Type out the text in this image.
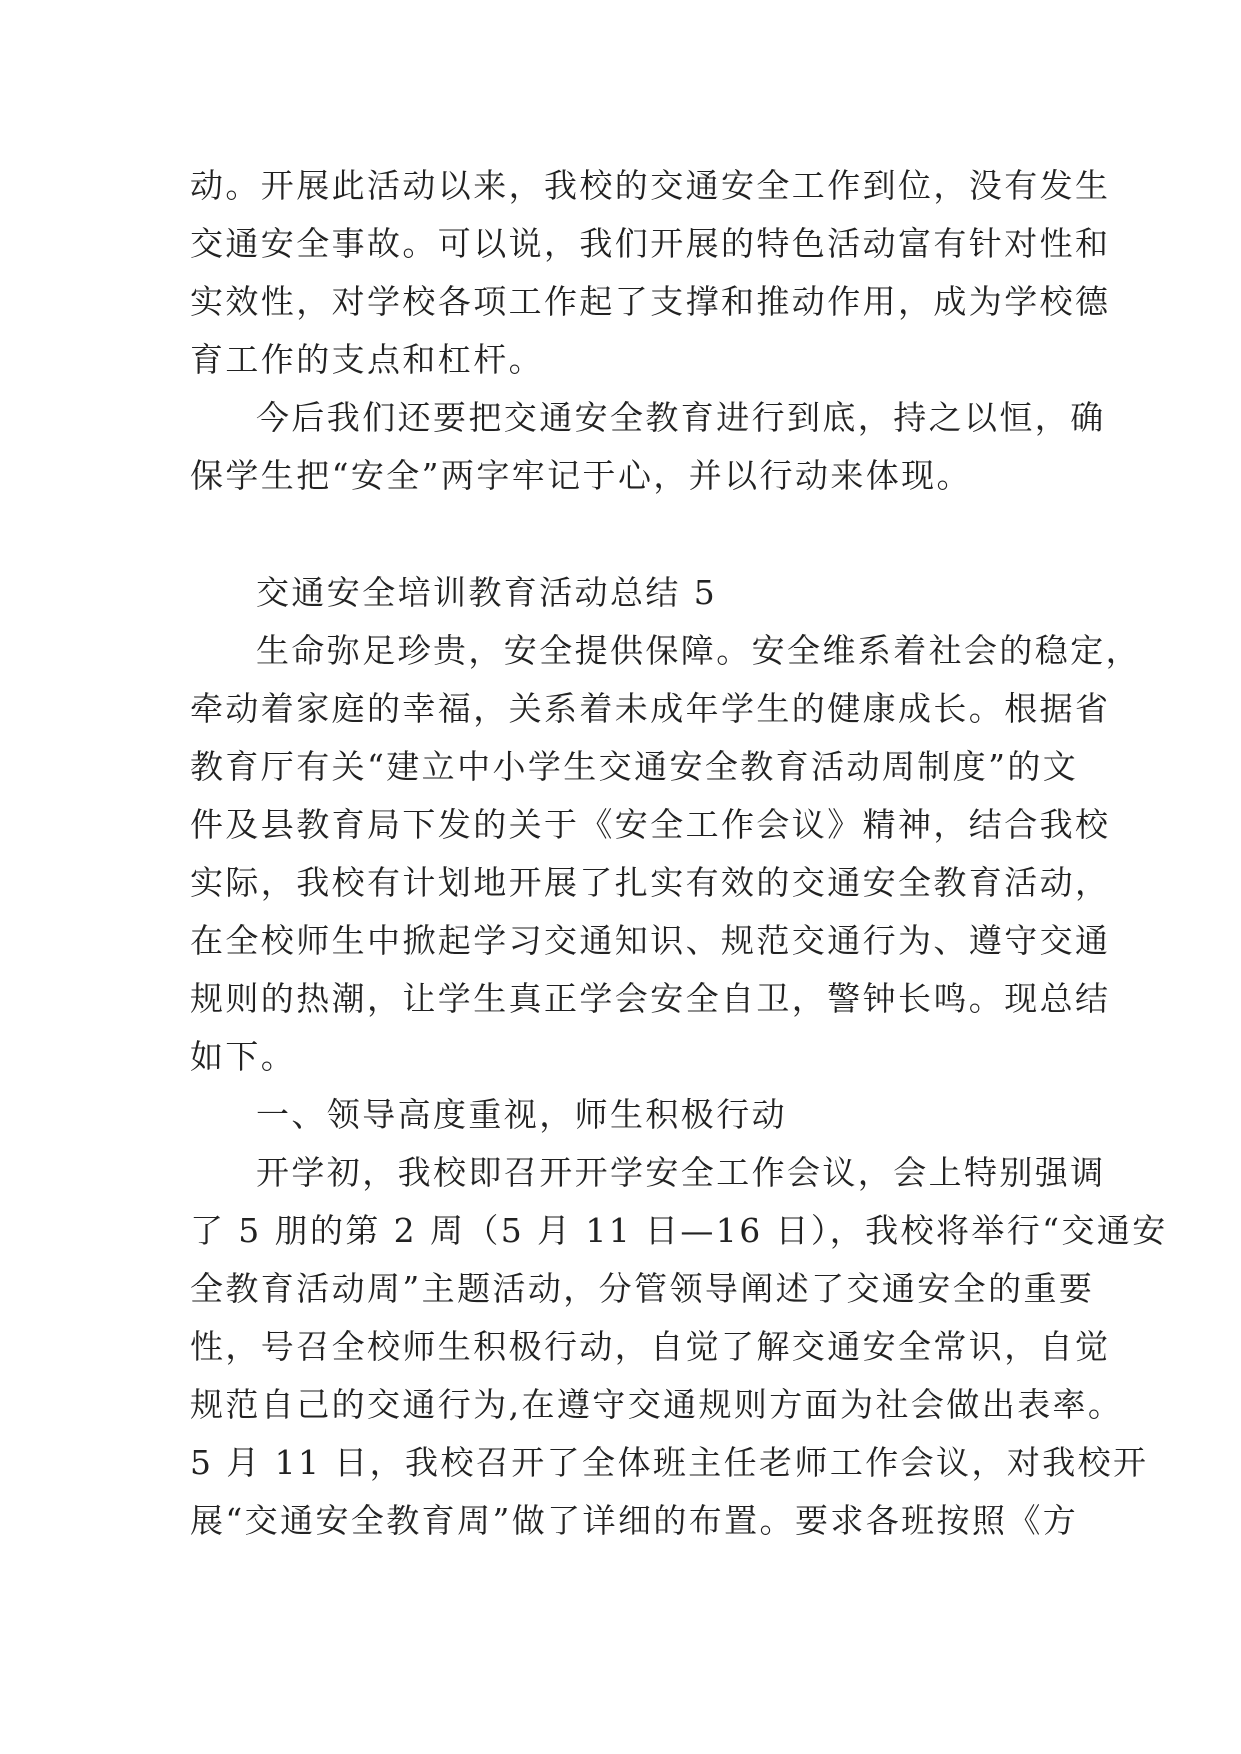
动。开展此活动以来，我校的交通安全工作到位，没有发生
交通安全事故。可以说，我们开展的特色活动富有针对性和
实效性，对学校各项工作起了支撑和推动作用，成为学校德
育工作的支点和杠杆。
今后我们还要把交通安全教育进行到底，持之以恒，确
保学生把“安全”两字牢记于心，并以行动来体现。
交通安全培训教育活动总结 5
生命弥足珍贵，安全提供保障。安全维系着社会的稳定，
牵动着家庭的幸福，关系着未成年学生的健康成长。根据省
教育厅有关“建立中小学生交通安全教育活动周制度”的文
件及县教育局下发的关于《安全工作会议》精神，结合我校
实际，我校有计划地开展了扎实有效的交通安全教育活动，
在全校师生中掀起学习交通知识、规范交通行为、遵守交通
规则的热潮，让学生真正学会安全自卫，警钟长鸣。现总结
如下。
一、领导高度重视，师生积极行动
开学初，我校即召开开学安全工作会议，会上特别强调
了 5 朋的第 2 周（5 月 11 日—16 日），我校将举行“交通安
全教育活动周”主题活动，分管领导阐述了交通安全的重要
性，号召全校师生积极行动，自觉了解交通安全常识，自觉
规范自己的交通行为,在遵守交通规则方面为社会做出表率。
5 月 11 日，我校召开了全体班主任老师工作会议，对我校开
展“交通安全教育周”做了详细的布置。要求各班按照《方
